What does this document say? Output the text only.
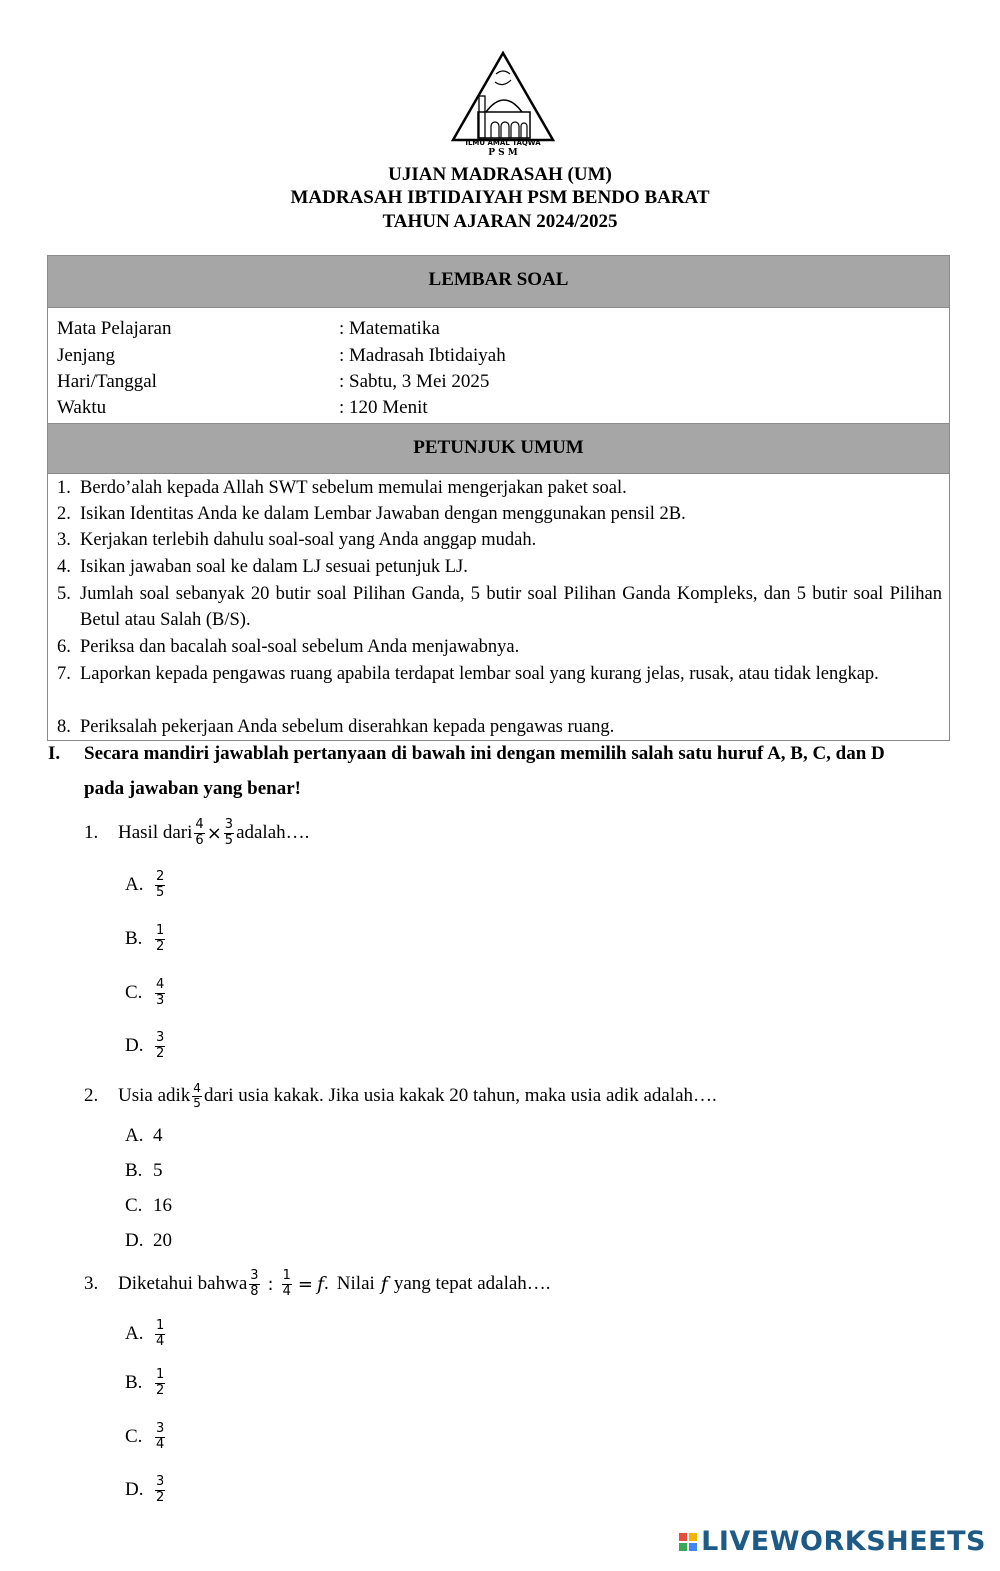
ILMU AMAL TAQWA
P S M
UJIAN MADRASAH (UM)
MADRASAH IBTIDAIYAH PSM BENDO BARAT
TAHUN AJARAN 2024/2025
LEMBAR SOAL
Mata Pelajaran	: Matematika
Jenjang	: Madrasah Ibtidaiyah
Hari/Tanggal	: Sabtu, 3 Mei 2025
Waktu	: 120 Menit
PETUNJUK UMUM
1. Berdo’alah kepada Allah SWT sebelum memulai mengerjakan paket soal.
2. Isikan Identitas Anda ke dalam Lembar Jawaban dengan menggunakan pensil 2B.
3. Kerjakan terlebih dahulu soal-soal yang Anda anggap mudah.
4. Isikan jawaban soal ke dalam LJ sesuai petunjuk LJ.
5. Jumlah soal sebanyak 20 butir soal Pilihan Ganda, 5 butir soal Pilihan Ganda Kompleks, dan 5 butir soal Pilihan Betul atau Salah (B/S).
6. Periksa dan bacalah soal-soal sebelum Anda menjawabnya.
7. Laporkan kepada pengawas ruang apabila terdapat lembar soal yang kurang jelas, rusak, atau tidak lengkap.
8. Periksalah pekerjaan Anda sebelum diserahkan kepada pengawas ruang.
I. Secara mandiri jawablah pertanyaan di bawah ini dengan memilih salah satu huruf A, B, C, dan D
pada jawaban yang benar!
1.	Hasil dari $\frac{4}{6} \times \frac{3}{5}$ adalah….
A. $\frac{2}{5}$
B. $\frac{1}{2}$
C. $\frac{4}{3}$
D. $\frac{3}{2}$
2.	Usia adik $\frac{4}{5}$ dari usia kakak. Jika usia kakak 20 tahun, maka usia adik adalah….
A. 4
B. 5
C. 16
D. 20
3.	Diketahui bahwa $\frac{3}{8}$ : $\frac{1}{4} = f$ . Nilai f yang tepat adalah….
A. $\frac{1}{4}$
B. $\frac{1}{2}$
C. $\frac{3}{4}$
D. $\frac{3}{2}$
LIVEWORKSHEETS
